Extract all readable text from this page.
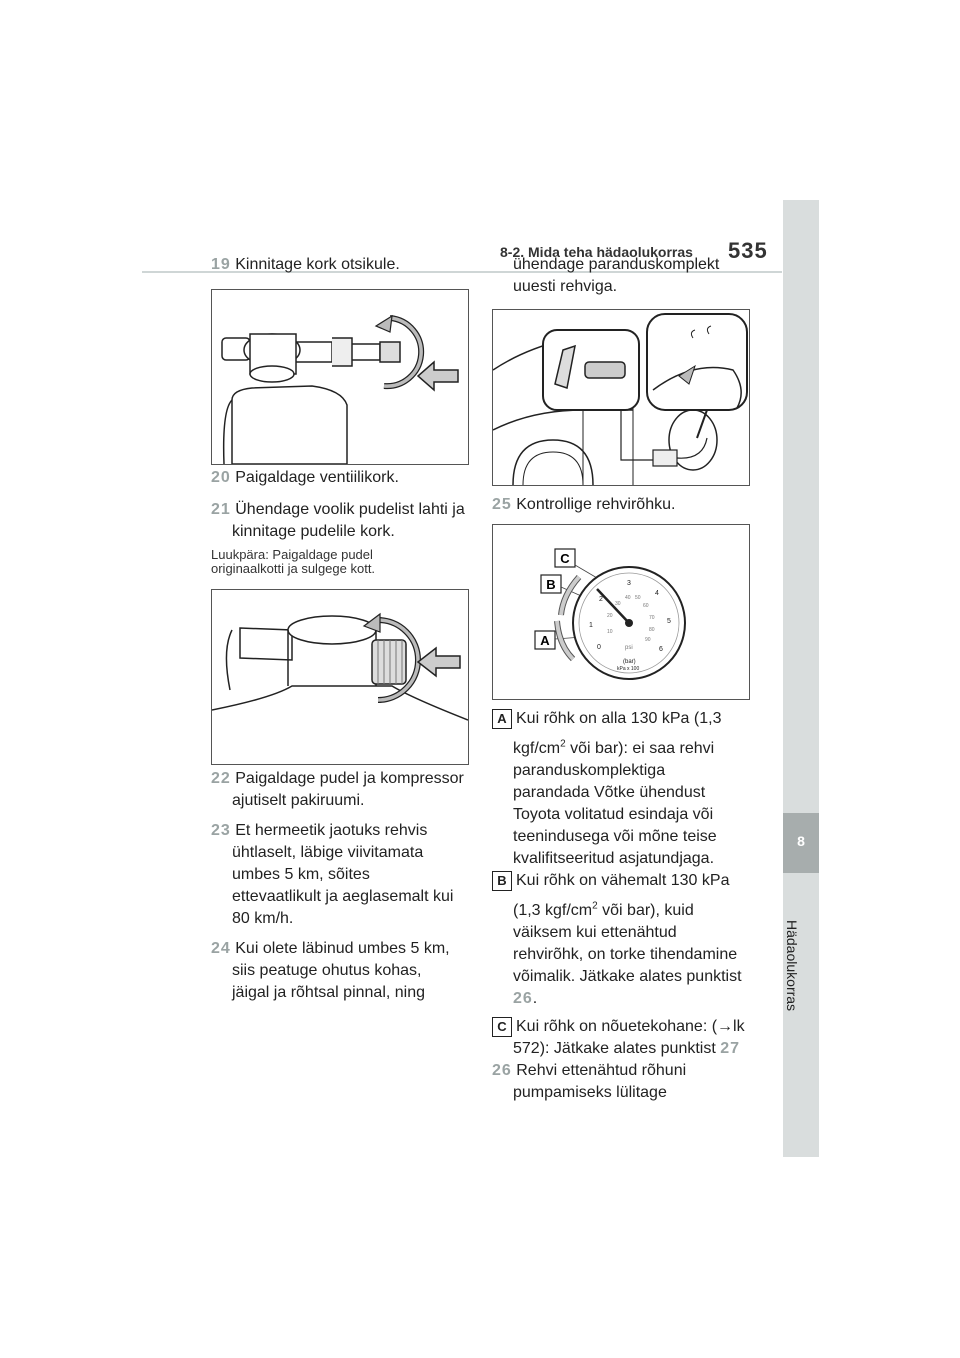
8-2. Mida teha hädaolukorras 535
8
Hädaolukorras
19 Kinnitage kork otsikule.
20 Paigaldage ventiilikork.
21 Ühendage voolik pudelist lahti ja
kinnitage pudelile kork.
Luukpära: Paigaldage pudel
originaalkotti ja sulgege kott.
22 Paigaldage pudel ja kompressor
ajutiselt pakiruumi.
23 Et hermeetik jaotuks rehvis
ühtlaselt, läbige viivitamata
umbes 5 km, sõites
ettevaatlikult ja aeglasemalt kui
80 km/h.
24 Kui olete läbinud umbes 5 km,
siis peatuge ohutus kohas,
jäigal ja rõhtsal pinnal, ning
ühendage paranduskomplekt
uuesti rehviga.
25 Kontrollige rehvirõhku.
C
B
A	0
1
2
3
4
5
6
10
20
30
40 50
60
70
80
90
psi
(bar)
kPa x 100
A Kui rõhk on alla 130 kPa (1,3
kgf/$cm^2$ või bar): ei saa rehvi
paranduskomplektiga
parandada Võtke ühendust
Toyota volitatud esindaja või
teenindusega või mõne teise
kvalifitseeritud asjatundjaga.
B Kui rõhk on vähemalt 130 kPa
(1,3 kgf/$cm^2$ või bar), kuid
väiksem kui ettenähtud
rehvirõhk, on torke tihendamine
võimalik. Jätkake alates punktist
26.
C Kui rõhk on nõuetekohane: (→lk
572): Jätkake alates punktist 27
26 Rehvi ettenähtud rõhuni
pumpamiseks lülitage
